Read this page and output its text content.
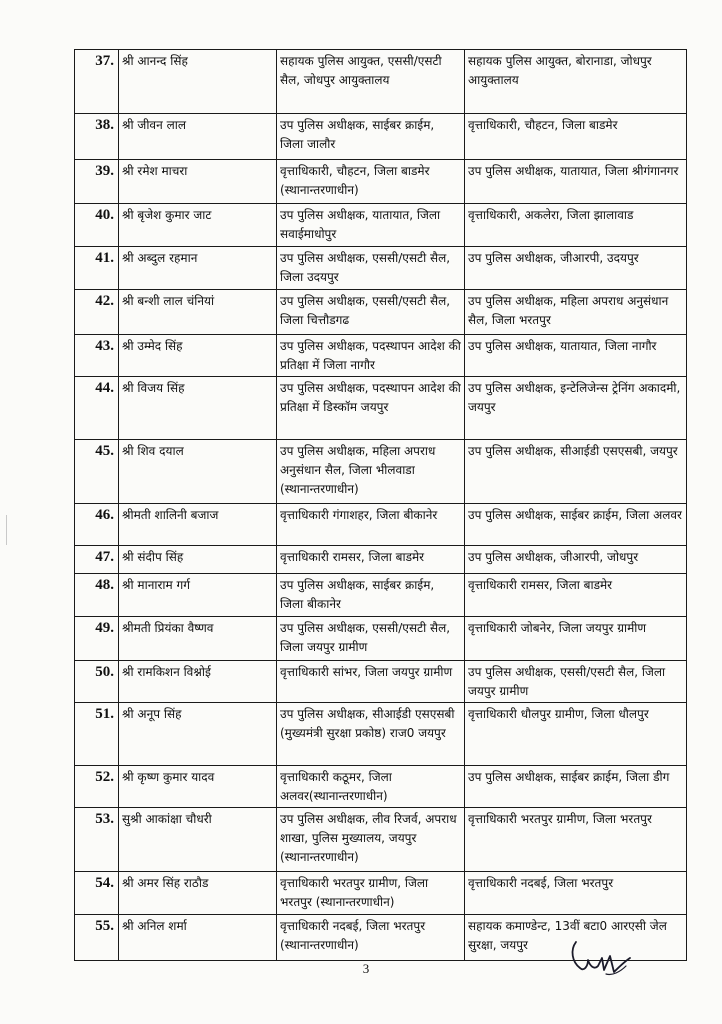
37.	श्री आनन्द सिंह	सहायक पुलिस आयुक्त, एससी/एसटी सैल, जोधपुर आयुक्तालय	सहायक पुलिस आयुक्त, बोरानाडा, जोधपुर आयुक्तालय
38.	श्री जीवन लाल	उप पुलिस अधीक्षक, साईबर क्राईम, जिला जालौर	वृत्ताधिकारी, चौहटन, जिला बाडमेर
39.	श्री रमेश माचरा	वृत्ताधिकारी, चौहटन, जिला बाडमेर (स्थानान्तरणाधीन)	उप पुलिस अधीक्षक, यातायात, जिला श्रीगंगानगर
40.	श्री बृजेश कुमार जाट	उप पुलिस अधीक्षक, यातायात, जिला सवाईमाधोपुर	वृत्ताधिकारी, अकलेरा, जिला झालावाड
41.	श्री अब्दुल रहमान	उप पुलिस अधीक्षक, एससी/एसटी सैल, जिला उदयपुर	उप पुलिस अधीक्षक, जीआरपी, उदयपुर
42.	श्री बन्शी लाल चंनियां	उप पुलिस अधीक्षक, एससी/एसटी सैल, जिला चित्तौडगढ	उप पुलिस अधीक्षक, महिला अपराध अनुसंधान सैल, जिला भरतपुर
43.	श्री उम्मेद सिंह	उप पुलिस अधीक्षक, पदस्थापन आदेश की प्रतिक्षा में जिला नागौर	उप पुलिस अधीक्षक, यातायात, जिला नागौर
44.	श्री विजय सिंह	उप पुलिस अधीक्षक, पदस्थापन आदेश की प्रतिक्षा में डिस्कॉम जयपुर	उप पुलिस अधीक्षक, इन्टेलिजेन्स ट्रेनिंग अकादमी, जयपुर
45.	श्री शिव दयाल	उप पुलिस अधीक्षक, महिला अपराध अनुसंधान सैल, जिला भीलवाडा (स्थानान्तरणाधीन)	उप पुलिस अधीक्षक, सीआईडी एसएसबी, जयपुर
46.	श्रीमती शालिनी बजाज	वृत्ताधिकारी गंगाशहर, जिला बीकानेर	उप पुलिस अधीक्षक, साईबर क्राईम, जिला अलवर
47.	श्री संदीप सिंह	वृत्ताधिकारी रामसर, जिला बाडमेर	उप पुलिस अधीक्षक, जीआरपी, जोधपुर
48.	श्री मानाराम गर्ग	उप पुलिस अधीक्षक, साईबर क्राईम, जिला बीकानेर	वृत्ताधिकारी रामसर, जिला बाडमेर
49.	श्रीमती प्रियंका वैष्णव	उप पुलिस अधीक्षक, एससी/एसटी सैल, जिला जयपुर ग्रामीण	वृत्ताधिकारी जोबनेर, जिला जयपुर ग्रामीण
50.	श्री रामकिशन विश्नोई	वृत्ताधिकारी सांभर, जिला जयपुर ग्रामीण	उप पुलिस अधीक्षक, एससी/एसटी सैल, जिला जयपुर ग्रामीण
51.	श्री अनूप सिंह	उप पुलिस अधीक्षक, सीआईडी एसएसबी (मुख्यमंत्री सुरक्षा प्रकोष्ठ) राज0 जयपुर	वृत्ताधिकारी धौलपुर ग्रामीण, जिला धौलपुर
52.	श्री कृष्ण कुमार यादव	वृत्ताधिकारी कठूमर, जिला अलवर(स्थानान्तरणाधीन)	उप पुलिस अधीक्षक, साईबर क्राईम, जिला डीग
53.	सुश्री आकांक्षा चौधरी	उप पुलिस अधीक्षक, लीव रिजर्व, अपराध शाखा, पुलिस मुख्यालय, जयपुर (स्थानान्तरणाधीन)	वृत्ताधिकारी भरतपुर ग्रामीण, जिला भरतपुर
54.	श्री अमर सिंह राठौड	वृत्ताधिकारी भरतपुर ग्रामीण, जिला भरतपुर (स्थानान्तरणाधीन)	वृत्ताधिकारी नदबई, जिला भरतपुर
55.	श्री अनिल शर्मा	वृत्ताधिकारी नदबई, जिला भरतपुर (स्थानान्तरणाधीन)	सहायक कमाण्डेन्ट, 13वीं बटा0 आरएसी जेल सुरक्षा, जयपुर
3
